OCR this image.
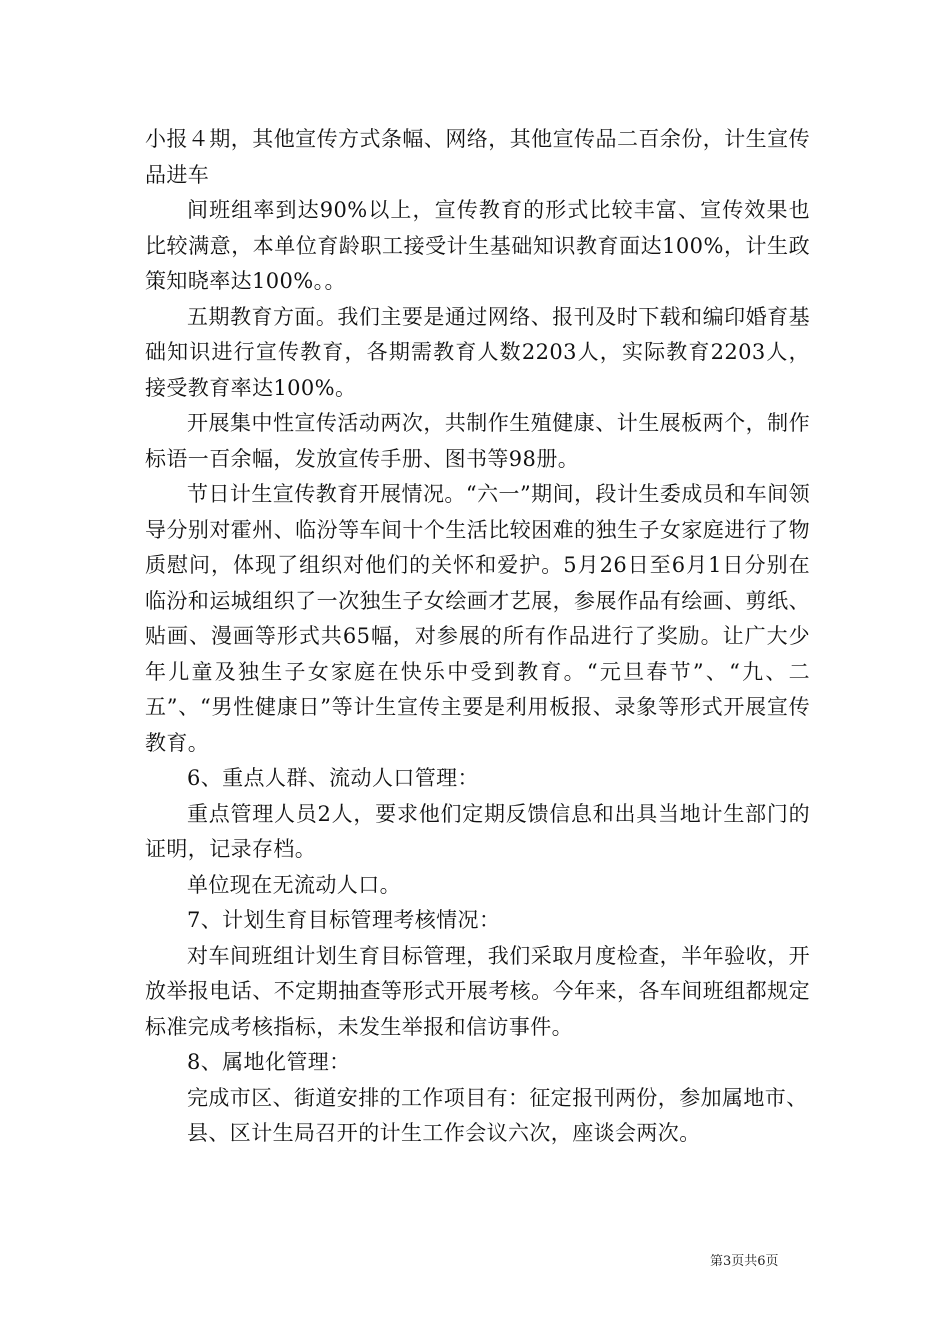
小报４期，其他宣传方式条幅、网络，其他宣传品二百余份，计生宣传品进车

间班组率到达90%以上，宣传教育的形式比较丰富、宣传效果也比较满意，本单位育龄职工接受计生基础知识教育面达100%，计生政策知晓率达100%。。

五期教育方面。我们主要是通过网络、报刊及时下载和编印婚育基础知识进行宣传教育，各期需教育人数2203人，实际教育2203人，接受教育率达100%。

开展集中性宣传活动两次，共制作生殖健康、计生展板两个，制作标语一百余幅，发放宣传手册、图书等98册。

节日计生宣传教育开展情况。“六一”期间，段计生委成员和车间领导分别对霍州、临汾等车间十个生活比较困难的独生子女家庭进行了物质慰问，体现了组织对他们的关怀和爱护。5月26日至6月1日分别在临汾和运城组织了一次独生子女绘画才艺展，参展作品有绘画、剪纸、贴画、漫画等形式共65幅，对参展的所有作品进行了奖励。让广大少年儿童及独生子女家庭在快乐中受到教育。“元旦春节”、“九、二五”、“男性健康日”等计生宣传主要是利用板报、录象等形式开展宣传教育。

6、重点人群、流动人口管理：

重点管理人员2人，要求他们定期反馈信息和出具当地计生部门的证明，记录存档。

单位现在无流动人口。

7、计划生育目标管理考核情况：

对车间班组计划生育目标管理，我们采取月度检查，半年验收，开放举报电话、不定期抽查等形式开展考核。今年来，各车间班组都规定标准完成考核指标，未发生举报和信访事件。

8、属地化管理：

完成市区、街道安排的工作项目有：征定报刊两份，参加属地市、

县、区计生局召开的计生工作会议六次，座谈会两次。

第3页共6页
